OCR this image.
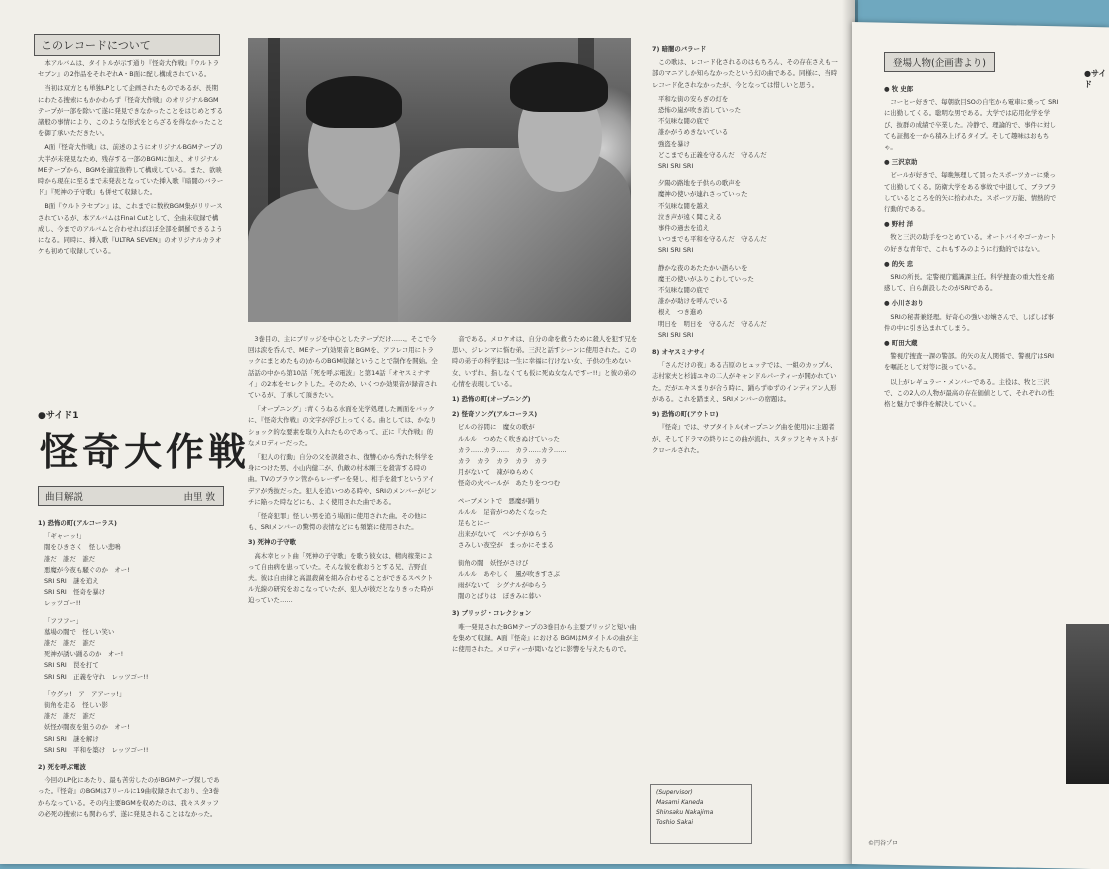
このレコードについて

本アルバムは、タイトルが示す通り『怪奇大作戦』『ウルトラセブン』の2作品をそれぞれA・B面に配し構成されている。

当初は双方とも単独LPとして企画されたものであるが、長期にわたる捜索にもかかわらず『怪奇大作戦』のオリジナルBGMテープが一部を除いて遂に発見できなかったことをはじめとする諸般の事情により、このような形式をとらざるを得なかったことを御了承いただきたい。

A面『怪奇大作戦』は、前述のようにオリジナルBGMテープの大半が未発見なため、残存する一部のBGMに加え、オリジナルMEテープから、BGMを適宜抜粋して構成している。また、欲映時から現在に至るまで未発表となっていた挿入歌『暗闇のバラード』『死神の子守歌』も併せて収録した。

B面『ウルトラセブン』は、これまでに数枚BGM集がリリースされているが、本アルバムはFinal Cutとして、全曲未収録で構成し、今までのアルバムと合わせればほぼ全部を網羅できるようになる。同時に、挿入歌『ULTRA SEVEN』のオリジナルカラオケも初めて収録している。

●サイド1
怪奇大作戦
曲目解説	由里 敦
1) 恐怖の町(アルコーラス)
「ギャーッ!」
闇をひきさく　怪しい悲鳴
誰だ　誰だ　誰だ
悪魔が今夜も騒ぐのか　オー!
SRI SRI　謎を追え
SRI SRI　怪奇を暴け
レッツゴー!!
「フフフー」
墓場の闇で　怪しい笑い
誰だ　誰だ　誰だ
死神が誘い踊るのか　オー!
SRI SRI　罠を打て
SRI SRI　正義を守れ　レッツゴー!!
「ウグッ!　ア　アアーッ!」
街角を走る　怪しい影
誰だ　誰だ　誰だ
妖怪が闇夜を狙うのか　オー!
SRI SRI　謎を解け
SRI SRI　平和を築け　レッツゴー!!
2) 死を呼ぶ電波

今回のLP化にあたり、最も苦労したのがBGMテープ探しであった。『怪奇』のBGMは7リールに19曲収録されており、全3巻からなっている。その内主要BGMを収めたのは、我々スタッフの必死の捜索にも関わらず、遂に発見されることはなかった。

3巻目の、主にブリッジを中心としたテープだけ……。そこで今回は涙を呑んで、MEテープ(効果音とBGMを、アフレコ用にトラックにまとめたもの)からのBGM収録ということで制作を開始。全話話の中から第10話「死を呼ぶ電波」と第14話「オヤスミナサイ」の2本をセレクトした。そのため、いくつか効果音が録音されているが、了承して頂きたい。

「オープニング」:青くうねる水面を光学処理した画面をバックに、『怪奇大作戦』の文字が浮び上ってくる。曲としては、かなりショック的な要素を取り入れたものであって、正に『大作戦』的なメロディーだった。

「犯人の行動」自分の父を誤殺され、復讐心から秀れた科学を身につけた男、小山内健二が、仇敵の村木剛三を殺害する時の曲。TVのブラウン管からレーザーを発し、相手を殺すというアイデアが秀抜だった。犯人を追いつめる時や、SRIのメンバーがピンチに陥った時などにも、よく使用された曲である。

「怪奇犯罪」怪しい男を追う場面に使用された曲。その他にも、SRIメンバーの驚愕の表情などにも頻繁に使用された。

3) 死神の子守歌

高木幸ヒット曲「死神の子守歌」を歌う彼女は、精肉稼業によって自由病を患っていた。そんな彼を救おうとする兄、吉野貞夫。彼は自由律と高温殺菌を組み合わせることができるスペクトル光線の研究をおこなっていたが、犯人が彼だとなりきった時が迫っていた……

音である。メロケオは、自分の命を救うために殺人を犯す兄を思い、ジレンマに悩む弟。三沢と話すシーンに使用された。この時の弟子の科学犯は一生に幸福に行けない女、子供の生めない女、いずれ、指しなくても仮に死ぬ女なんですー!!」と彼の弟の心情を表現している。

1) 恐怖の町(オープニング)
2) 怪奇ソング(アルコーラス)
ビルの谷間に　魔女の歌が
ルルル　つめたく吹きぬけていった
カラ……カラ……　カラ……カラ……
カラ　カラ　カラ　カラ　カラ
月がないて　凍がゆらめく
怪奇の火ベールが　あたりをつつむ
ペーブメントで　悪魔が踊り
ルルル　足音がつめたくなった
足もとにー
出来がないて　ベンチがゆらう
さみしい夜空が　まっかにそまる
街角の闇　妖怪がさけび
ルルル　あやしく　風が吹きすさぶ
雨がないて　シグナルがゆらう
闇のとばりは　ぼきみに暮い
3) ブリッジ・コレクション

唯一発見されたBGMテープの3巻目から主要ブリッジと短い曲を集めて収録。A面『怪奇』における BGMはMタイトルの曲が主に使用された。メロディーが聞いなどに影響を与えたもので。

7) 暗闇のバラード

この歌は、レコード化されるのはもちろん、その存在さえも一部のマニアしか知らなかったという幻の曲である。同様に、当時レコード化されなかったが、今となっては惜しいと思う。

平和な街の安らぎの灯を
恐怖の嵐が吹き消していった
不気味な闇の底で
誰かがうめきないている
強盗を暴け
どこまでも正義を守るんだ　守るんだ
SRI SRI SRI
夕陽の路地を子供らの歌声を
魔神の使いが連れさっていった
不気味な闇を越え
泣き声が遠く聞こえる
事件の過去を追え
いつまでも平和を守るんだ　守るんだ
SRI SRI SRI
静かな夜のあたたかい語らいを
魔王の使いがふりこわしていった
不気味な闇の底で
誰かが助けを呼んでいる
根え　つき進め
明日を　明日を　守るんだ　守るんだ
SRI SRI SRI
8) オヤスミナサイ

「さんだけの夜」ある吉原のヒュッテでは、一組のカップル、志村家夫と杉浦ユキの二人がキャンドルパーティーが開かれていた。だがエキスまりが合う時に、踊らずゆずのインディアン人形がある。これを踏まえ、SRIメンバーの宿題は。

9) 恐怖の町(アウトロ)

『怪奇』では、サブタイトル(オープニング曲を使用)に主題者が、そしてドラマの終りにこの曲が流れ、スタッフとキャストがクロールされた。

(Supervisor)
Masami Kaneda
Shinsaku Nakajima
Toshio Sakai
登場人物(企画書より)
●サイド
● 牧 史郎

コーヒー好きで、毎朝欲目SOの自宅から電車に乗って SRIに出勤してくる。聡明な男である。大学では応用化学を学び、抜群の成績で卒業した。冷静で、理論的で、事件に対しても証拠を一から積み上げるタイプ。そして趣味はおもちゃ。

● 三沢京助

ビールが好きで、毎晩無理して買ったスポーツカーに乗って出勤してくる。防衛大学をある事故で中退して、ブラブラしているところを的矢に拾われた。スポーツ万能、情熱的で行動的である。

● 野村 洋

牧と三沢の助手をつとめている。オートバイやゴーカートの好きな青年で、これもすみのように行動的ではない。

● 的矢 忠

SRIの所長。定警視庁鑑識課主任。科学捜査の重大性を痛感して、自ら創設したのがSRIである。

● 小川さおり

SRIの秘書兼経理。好奇心の強いお嬢さんで、しばしば事件の中に引き込まれてしまう。

● 町田大蔵

警視庁捜査一課の警部。的矢の友人関係で、警視庁はSRIを嘱託として対等に扱っている。

以上がレギュラー・メンバーである。主役は、牧と三沢で、この2人の人物が最高の存在価値として、それぞれの性格と魅力で事件を解決していく。

©円谷プロ
